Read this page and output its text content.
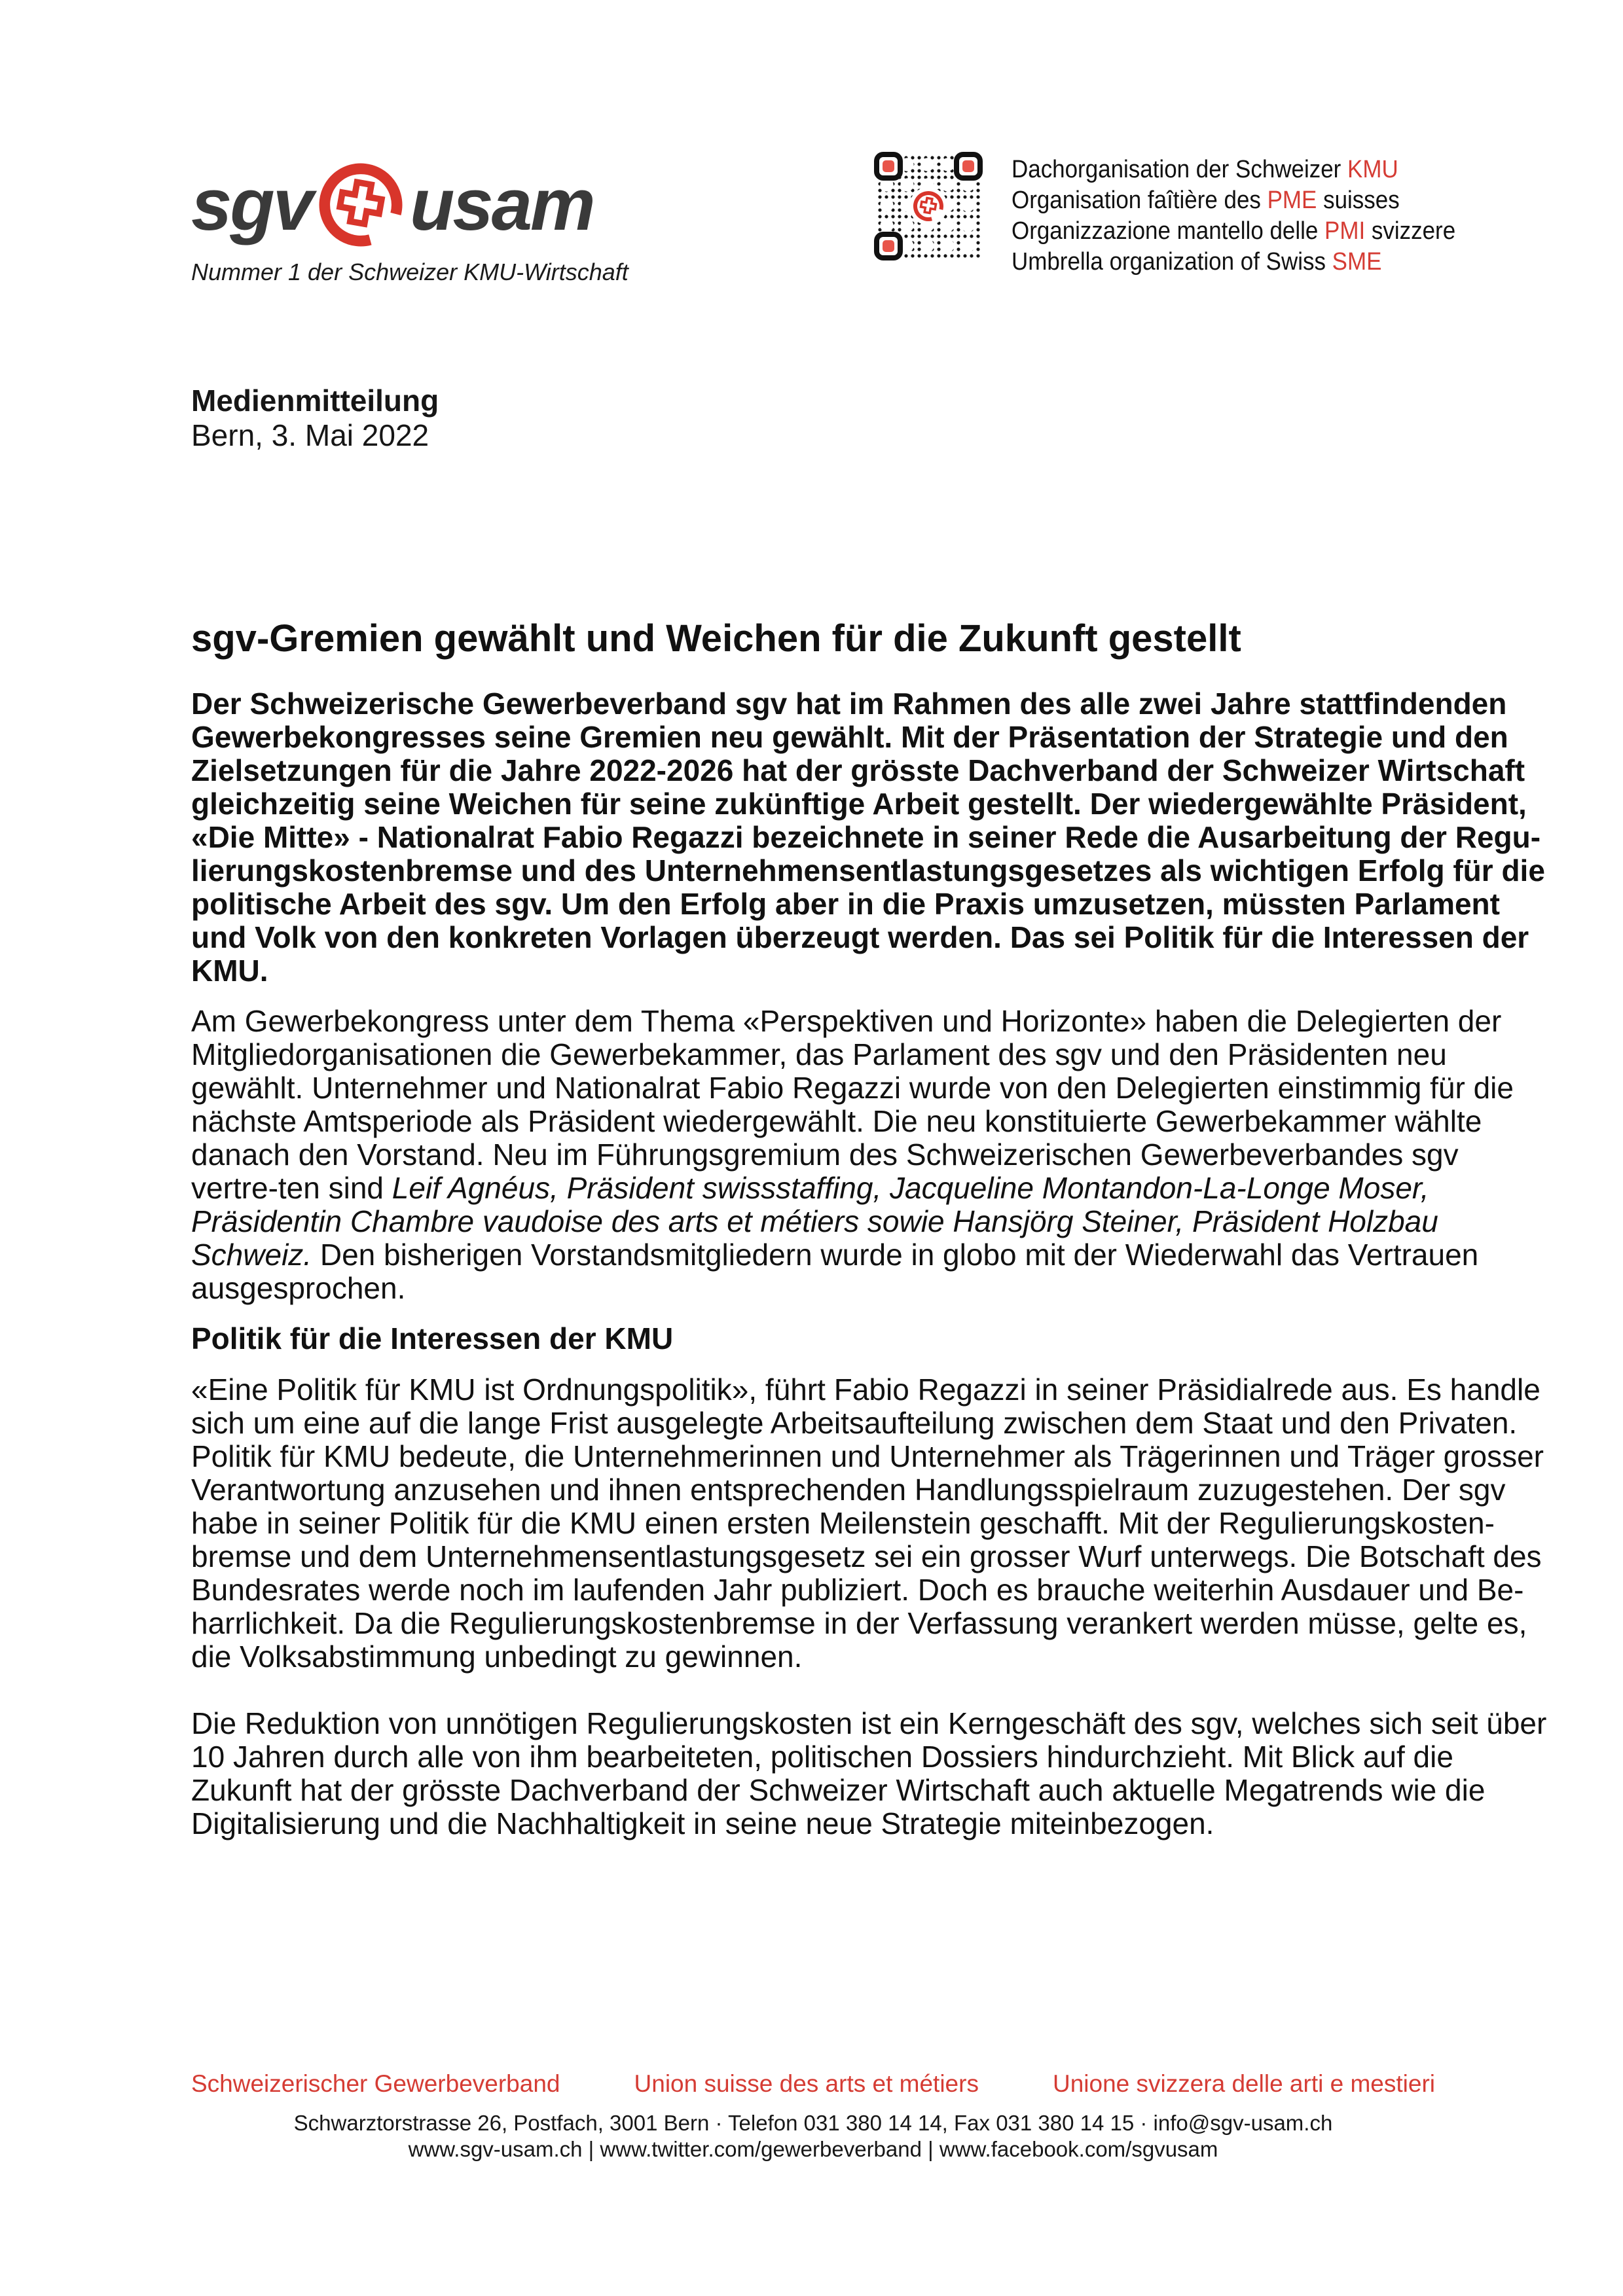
sgv usam
Nummer 1 der Schweizer KMU-Wirtschaft
Dachorganisation der Schweizer KMU
Organisation faîtière des PME suisses
Organizzazione mantello delle PMI svizzere
Umbrella organization of Swiss SME
Medienmitteilung
Bern, 3. Mai 2022
sgv-Gremien gewählt und Weichen für die Zukunft gestellt

Der Schweizerische Gewerbeverband sgv hat im Rahmen des alle zwei Jahre stattfindenden
Gewerbekongresses seine Gremien neu gewählt. Mit der Präsentation der Strategie und den
Zielsetzungen für die Jahre 2022-2026 hat der grösste Dachverband der Schweizer Wirtschaft
gleichzeitig seine Weichen für seine zukünftige Arbeit gestellt. Der wiedergewählte Präsident,
«Die Mitte» - Nationalrat Fabio Regazzi bezeichnete in seiner Rede die Ausarbeitung der Regu-
lierungskostenbremse und des Unternehmensentlastungsgesetzes als wichtigen Erfolg für die
politische Arbeit des sgv. Um den Erfolg aber in die Praxis umzusetzen, müssten Parlament
und Volk von den konkreten Vorlagen überzeugt werden. Das sei Politik für die Interessen der
KMU.

Am Gewerbekongress unter dem Thema «Perspektiven und Horizonte» haben die Delegierten der
Mitgliedorganisationen die Gewerbekammer, das Parlament des sgv und den Präsidenten neu
gewählt. Unternehmer und Nationalrat Fabio Regazzi wurde von den Delegierten einstimmig für die
nächste Amtsperiode als Präsident wiedergewählt. Die neu konstituierte Gewerbekammer wählte
danach den Vorstand. Neu im Führungsgremium des Schweizerischen Gewerbeverbandes sgv
vertre-ten sind Leif Agnéus, Präsident swissstaffing, Jacqueline Montandon-La-Longe Moser,
Präsidentin Chambre vaudoise des arts et métiers sowie Hansjörg Steiner, Präsident Holzbau
Schweiz. Den bisherigen Vorstandsmitgliedern wurde in globo mit der Wiederwahl das Vertrauen
ausgesprochen.

Politik für die Interessen der KMU

«Eine Politik für KMU ist Ordnungspolitik», führt Fabio Regazzi in seiner Präsidialrede aus. Es handle
sich um eine auf die lange Frist ausgelegte Arbeitsaufteilung zwischen dem Staat und den Privaten.
Politik für KMU bedeute, die Unternehmerinnen und Unternehmer als Trägerinnen und Träger grosser
Verantwortung anzusehen und ihnen entsprechenden Handlungsspielraum zuzugestehen. Der sgv
habe in seiner Politik für die KMU einen ersten Meilenstein geschafft. Mit der Regulierungskosten-
bremse und dem Unternehmensentlastungsgesetz sei ein grosser Wurf unterwegs. Die Botschaft des
Bundesrates werde noch im laufenden Jahr publiziert. Doch es brauche weiterhin Ausdauer und Be-
harrlichkeit. Da die Regulierungskostenbremse in der Verfassung verankert werden müsse, gelte es,
die Volksabstimmung unbedingt zu gewinnen.

Die Reduktion von unnötigen Regulierungskosten ist ein Kerngeschäft des sgv, welches sich seit über
10 Jahren durch alle von ihm bearbeiteten, politischen Dossiers hindurchzieht. Mit Blick auf die
Zukunft hat der grösste Dachverband der Schweizer Wirtschaft auch aktuelle Megatrends wie die
Digitalisierung und die Nachhaltigkeit in seine neue Strategie miteinbezogen.

Schweizerischer Gewerbeverband	Union suisse des arts et métiers	Unione svizzera delle arti e mestieri
Schwarztorstrasse 26, Postfach, 3001 Bern · Telefon 031 380 14 14, Fax 031 380 14 15 · info@sgv-usam.ch
www.sgv-usam.ch | www.twitter.com/gewerbeverband | www.facebook.com/sgvusam
